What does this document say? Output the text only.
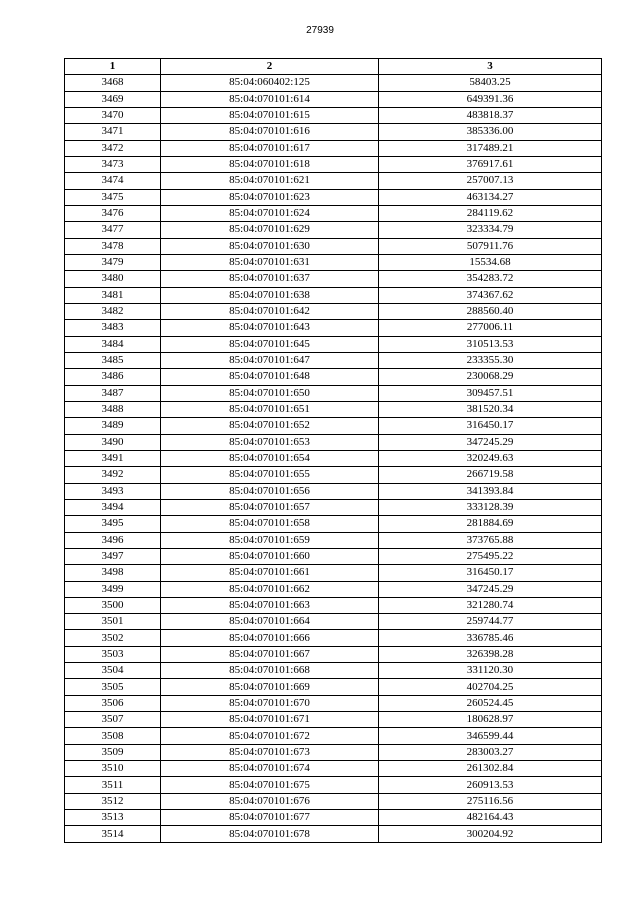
27939
1	2	3
3468	85:04:060402:125	58403.25
3469	85:04:070101:614	649391.36
3470	85:04:070101:615	483818.37
3471	85:04:070101:616	385336.00
3472	85:04:070101:617	317489.21
3473	85:04:070101:618	376917.61
3474	85:04:070101:621	257007.13
3475	85:04:070101:623	463134.27
3476	85:04:070101:624	284119.62
3477	85:04:070101:629	323334.79
3478	85:04:070101:630	507911.76
3479	85:04:070101:631	15534.68
3480	85:04:070101:637	354283.72
3481	85:04:070101:638	374367.62
3482	85:04:070101:642	288560.40
3483	85:04:070101:643	277006.11
3484	85:04:070101:645	310513.53
3485	85:04:070101:647	233355.30
3486	85:04:070101:648	230068.29
3487	85:04:070101:650	309457.51
3488	85:04:070101:651	381520.34
3489	85:04:070101:652	316450.17
3490	85:04:070101:653	347245.29
3491	85:04:070101:654	320249.63
3492	85:04:070101:655	266719.58
3493	85:04:070101:656	341393.84
3494	85:04:070101:657	333128.39
3495	85:04:070101:658	281884.69
3496	85:04:070101:659	373765.88
3497	85:04:070101:660	275495.22
3498	85:04:070101:661	316450.17
3499	85:04:070101:662	347245.29
3500	85:04:070101:663	321280.74
3501	85:04:070101:664	259744.77
3502	85:04:070101:666	336785.46
3503	85:04:070101:667	326398.28
3504	85:04:070101:668	331120.30
3505	85:04:070101:669	402704.25
3506	85:04:070101:670	260524.45
3507	85:04:070101:671	180628.97
3508	85:04:070101:672	346599.44
3509	85:04:070101:673	283003.27
3510	85:04:070101:674	261302.84
3511	85:04:070101:675	260913.53
3512	85:04:070101:676	275116.56
3513	85:04:070101:677	482164.43
3514	85:04:070101:678	300204.92
